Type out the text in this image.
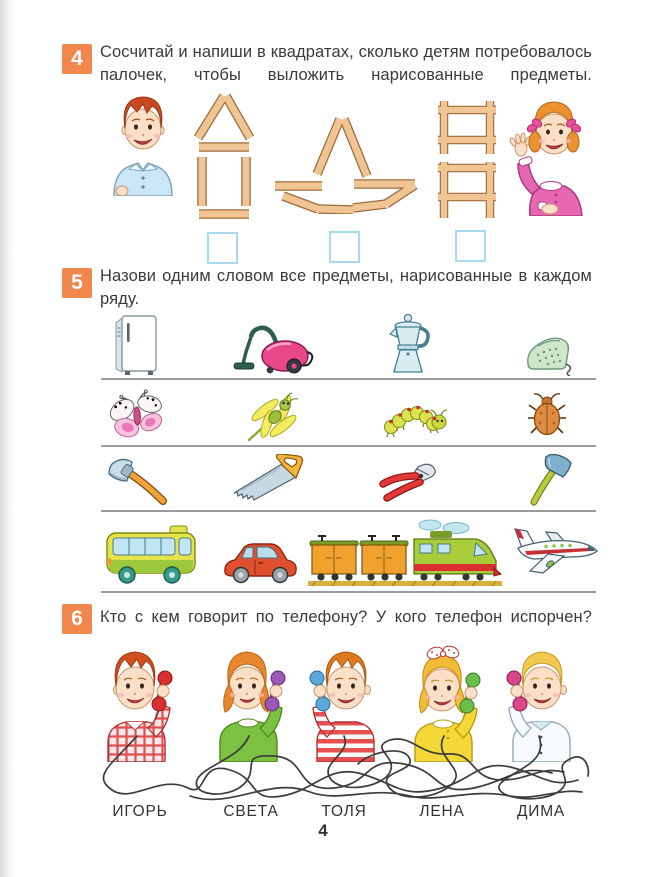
4	Сосчитай и напиши в квадратах, сколько детям потребовалось палочек, чтобы выложить нарисованные предметы.
5	Назови одним словом все предметы, нарисованные в каждом ряду.
6	Кто с кем говорит по телефону? У кого телефон испорчен?
ИГОРЬ	СВЕТА	ТОЛЯ	ЛЕНА	ДИМА
4
